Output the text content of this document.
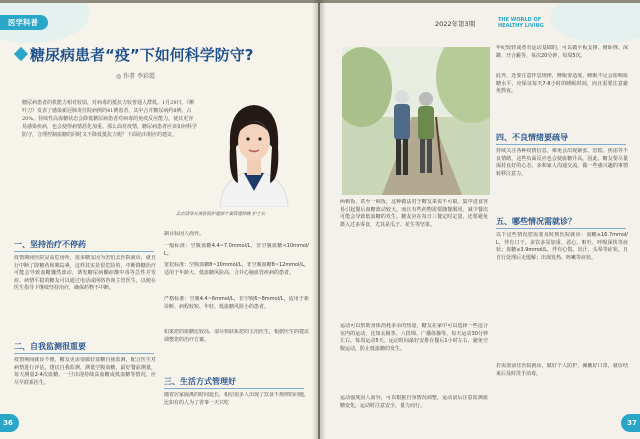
医学科普
糖尿病患者“疫”下如何科学防守?
◎ 作者 李彩霞
糖尿病患者的机能力相对较弱，对病毒的抵抗力较普通人群低。1月29日，《柳叶刀》发表了感染新冠肺炎住院病例的41例患者，其中合并糖尿病约8例，占20%。持续性高血糖状态会降低糖尿病患者对病毒的免疫反应能力，使其更容易感染疾病，也会使得病情恶化加重。那么面对疫情，糖尿病患者应该如何科学防守，合理控制血糖的同时又不降低抵抗力呢？下面给出相应的建议。
北京清华长庚医院护理部个案管理师姚 护士长
一、坚持治疗不停药
疫情期间医院是高危场所，很多糖友因为害怕去医院就诊，就自行中断了降糖药和胰岛素，这样其实是很危险的，中断降糖治疗可能会导致血糖骤然波动，诱发糖尿病酮症酸中毒等急性并发症。病情平稳的糖友可以通过电话或网络咨询主管医生，以便在医生指导下继续坚持治疗，确保药物不中断。
二、自我监测很重要
疫情期间就诊不便，糖友更需要做好血糖自我监测，配合医生对病情进行评估。建议自我监测，测量空腹血糖，最好餐前测量，每天测量2-4次血糖。一旦出现持续高血糖或低血糖等情况，应尽早联系医生。
制目标因人而异。
一般标准：空腹血糖4.4~7.0mmol/L，非空腹血糖<10mmol/L。
宽松标准：空腹血糖8~10mmol/L，非空腹血糖8~12mmol/L，适用于年龄大、低血糖风险高、合并心脑血管疾病的患者。
严格标准：空腹4.4~6mmol/L，非空腹6~8mmol/L，适用于新诊断、病程较短、年轻、低血糖风险小的患者。
如果您的血糖比较高，请尽快联系您的主治医生，根据医生的建议调整您的治疗方案。
三、生活方式管理好
随着居家隔离的时间延长，相信很多人出现了饮食不规律的问题，比如有的人为了省事一天只吃
36
2022年第3期	THE WORLD OF
HEALTHY LIVING
两顿饭，甚至一顿饭，这种做法对于糖友来说不可取。集中进食容易引起餐后血糖波动较大，而且有些药物需要随餐服用，减少餐次可能会导致低血糖的发生。糖友应在每日三餐定时定量，还要避免摄入过多零食，尤其是瓜子、花生等坚果。
运动可以帮助身体消耗多余的热量，糖友在家中可以选择一些适合室内的运动，比如太极拳、八段锦、广播体操等，每天运动30分钟左右，每周运动5天。运动时间最好安排在餐后1小时左右，避免空腹运动，防止低血糖的发生。
运动强度因人而异，可以根据自身情况调整，运动前后注意监测血糖变化，运动时注意安全，量力而行。
年纪较轻或者有运动基础的，可以做平板支撑、俯卧撑、深蹲、开合跳等，每次20分钟，每周5次。
此外，还要注意作息规律，睡眠要适度，睡眠不足会影响血糖水平，应保证每天7-8小时的睡眠时间，而且需要注意避免熬夜。
四、不良情绪要疏导
持续关注各种疫情信息，难免会出现紧张、恐慌、焦虑等不良情绪，这些负面反应也会使血糖升高，因此，糖友要尽量保持良好的心态，多和家人沟通交流，做一些感兴趣的事情转移注意力。
五、哪些情况需就诊？
以下这些情况您需要及时到医院就诊：血糖≥16.7mmol/L，伴有口干、多饮多尿加重、恶心、呕吐、呼吸深快等症状；血糖≤3.9mmol/L，伴有心慌、出汗、头晕等症状，且自行处理后无缓解；出现发热、咳嗽等症状。
若需要前往医院就诊，做好个人防护，佩戴好口罩，就诊结束后及时洗手消毒。
37
